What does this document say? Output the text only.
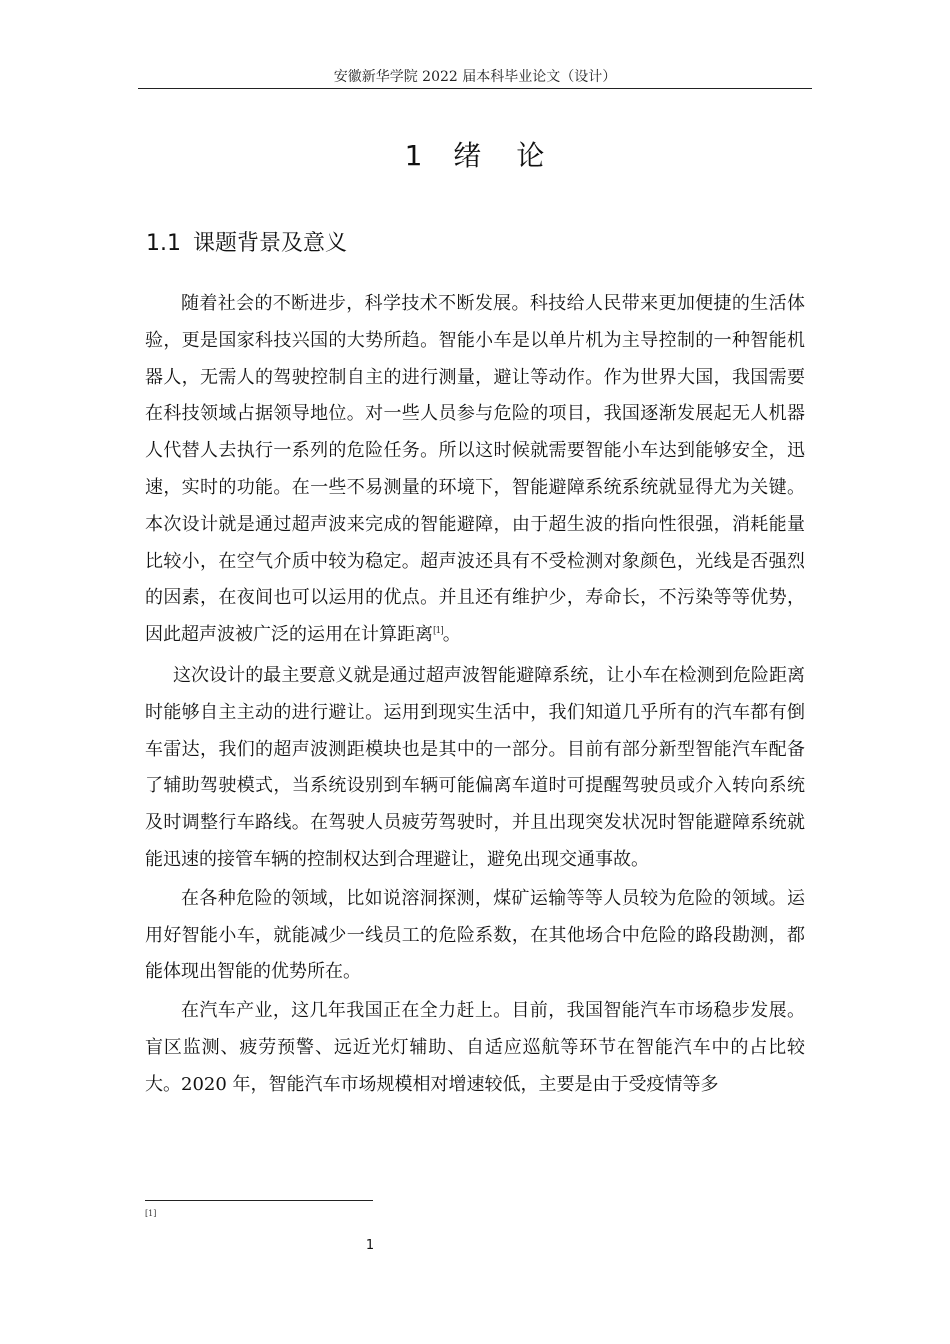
安徽新华学院 2022 届本科毕业论文（设计）
1 绪 论
1.1 课题背景及意义

随着社会的不断进步，科学技术不断发展。科技给人民带来更加便捷的生活体验，更是国家科技兴国的大势所趋。智能小车是以单片机为主导控制的一种智能机器人，无需人的驾驶控制自主的进行测量，避让等动作。作为世界大国，我国需要在科技领域占据领导地位。对一些人员参与危险的项目，我国逐渐发展起无人机器人代替人去执行一系列的危险任务。所以这时候就需要智能小车达到能够安全，迅速，实时的功能。在一些不易测量的环境下，智能避障系统系统就显得尤为关键。本次设计就是通过超声波来完成的智能避障，由于超生波的指向性很强，消耗能量比较小，在空气介质中较为稳定。超声波还具有不受检测对象颜色，光线是否强烈的因素，在夜间也可以运用的优点。并且还有维护少，寿命长，不污染等等优势，因此超声波被广泛的运用在计算距离[1]。

这次设计的最主要意义就是通过超声波智能避障系统，让小车在检测到危险距离时能够自主主动的进行避让。运用到现实生活中，我们知道几乎所有的汽车都有倒车雷达，我们的超声波测距模块也是其中的一部分。目前有部分新型智能汽车配备了辅助驾驶模式，当系统设别到车辆可能偏离车道时可提醒驾驶员或介入转向系统及时调整行车路线。在驾驶人员疲劳驾驶时，并且出现突发状况时智能避障系统就能迅速的接管车辆的控制权达到合理避让，避免出现交通事故。

在各种危险的领域，比如说溶洞探测，煤矿运输等等人员较为危险的领域。运用好智能小车，就能减少一线员工的危险系数，在其他场合中危险的路段勘测，都能体现出智能的优势所在。

在汽车产业，这几年我国正在全力赶上。目前，我国智能汽车市场稳步发展。盲区监测、疲劳预警、远近光灯辅助、自适应巡航等环节在智能汽车中的占比较大。2020 年，智能汽车市场规模相对增速较低，主要是由于受疫情等多

[1]
1
